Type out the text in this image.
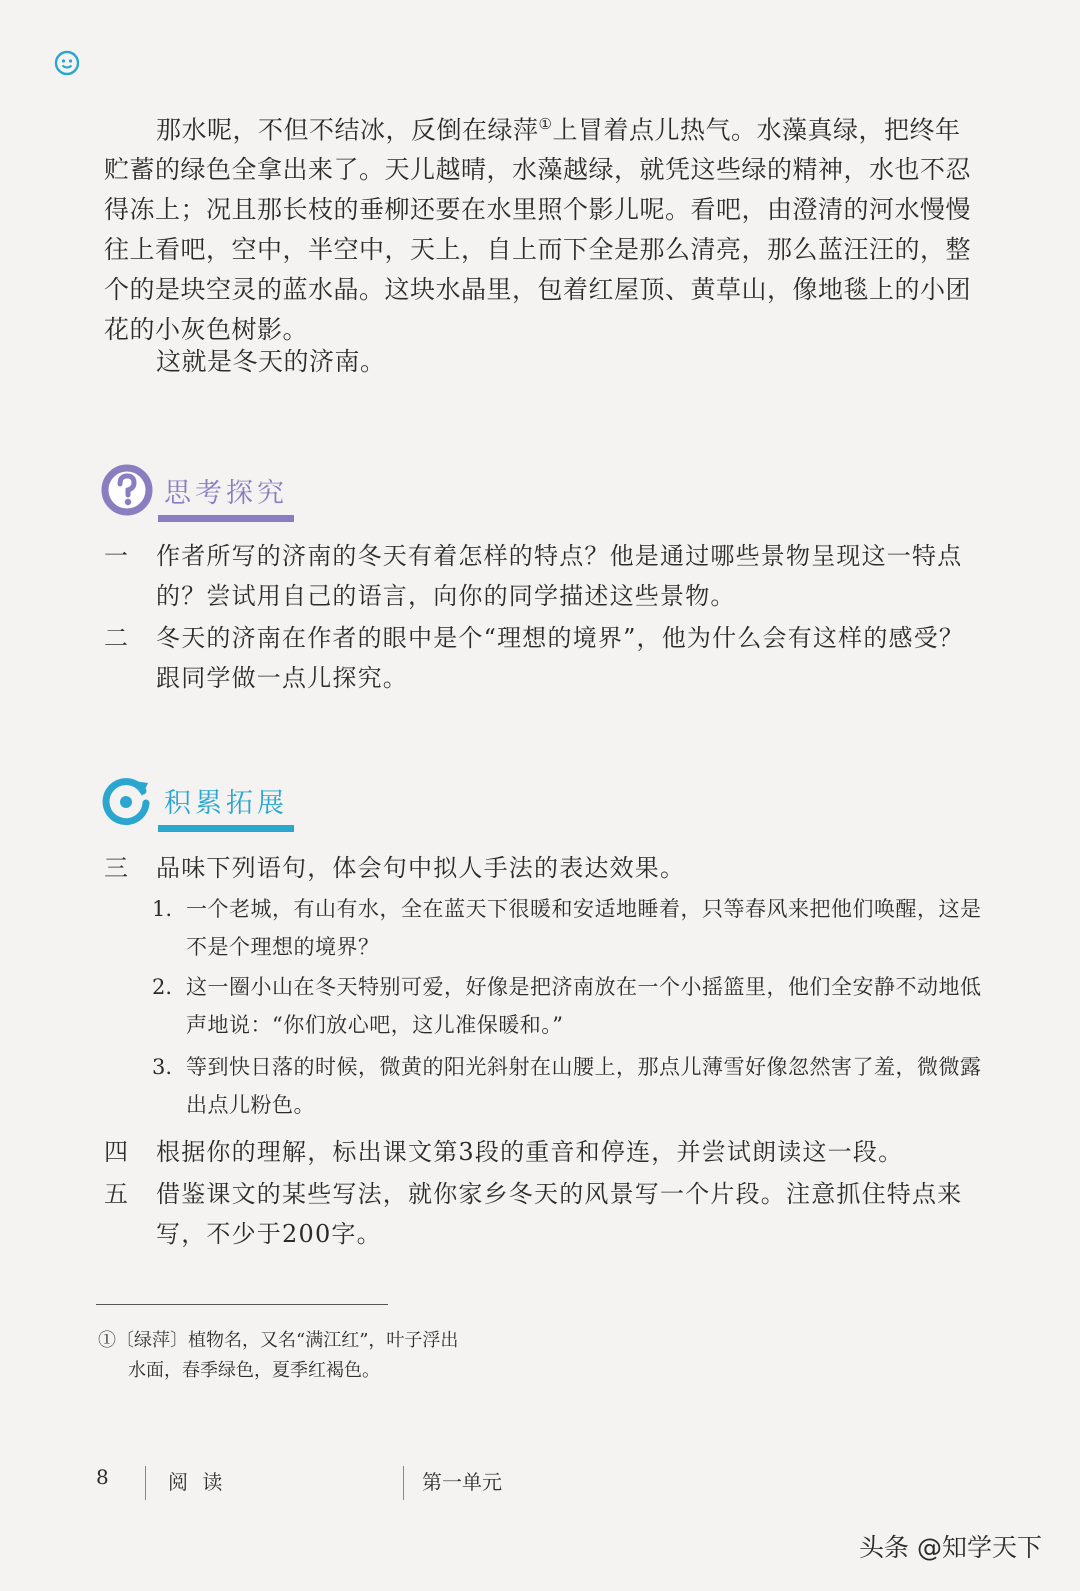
那水呢，不但不结冰，反倒在绿萍①上冒着点儿热气。水藻真绿，把终年贮蓄的绿色全拿出来了。天儿越晴，水藻越绿，就凭这些绿的精神，水也不忍得冻上；况且那长枝的垂柳还要在水里照个影儿呢。看吧，由澄清的河水慢慢往上看吧，空中，半空中，天上，自上而下全是那么清亮，那么蓝汪汪的，整个的是块空灵的蓝水晶。这块水晶里，包着红屋顶、黄草山，像地毯上的小团花的小灰色树影。

这就是冬天的济南。

思考探究
一 作者所写的济南的冬天有着怎样的特点？他是通过哪些景物呈现这一特点的？尝试用自己的语言，向你的同学描述这些景物。
二 冬天的济南在作者的眼中是个“理想的境界”，他为什么会有这样的感受？跟同学做一点儿探究。
积累拓展
三 品味下列语句，体会句中拟人手法的表达效果。
1. 一个老城，有山有水，全在蓝天下很暖和安适地睡着，只等春风来把他们唤醒，这是不是个理想的境界？
2. 这一圈小山在冬天特别可爱，好像是把济南放在一个小摇篮里，他们全安静不动地低声地说：“你们放心吧，这儿准保暖和。”
3. 等到快日落的时候，微黄的阳光斜射在山腰上，那点儿薄雪好像忽然害了羞，微微露出点儿粉色。
四 根据你的理解，标出课文第3段的重音和停连，并尝试朗读这一段。
五 借鉴课文的某些写法，就你家乡冬天的风景写一个片段。注意抓住特点来写，不少于200字。
①〔绿萍〕植物名，又名“满江红”，叶子浮出
水面，春季绿色，夏季红褐色。
8	阅 读	第一单元
头条 @知学天下
